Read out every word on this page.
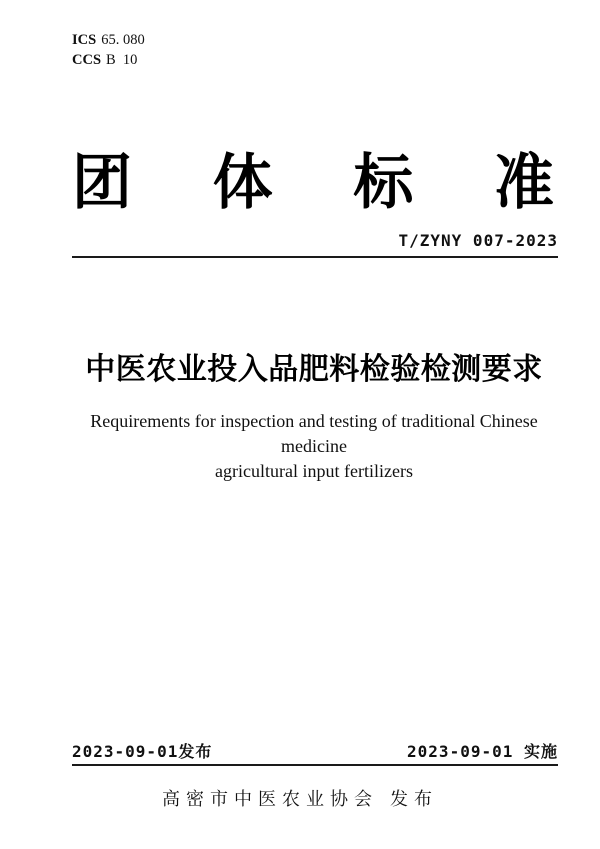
ICS 65. 080
CCS B  10
团 体 标 准
T/ZYNY 007-2023
中医农业投入品肥料检验检测要求
Requirements for inspection and testing of traditional Chinese medicine
agricultural input fertilizers
2023-09-01发布	2023-09-01 实施
高密市中医农业协会 发布
